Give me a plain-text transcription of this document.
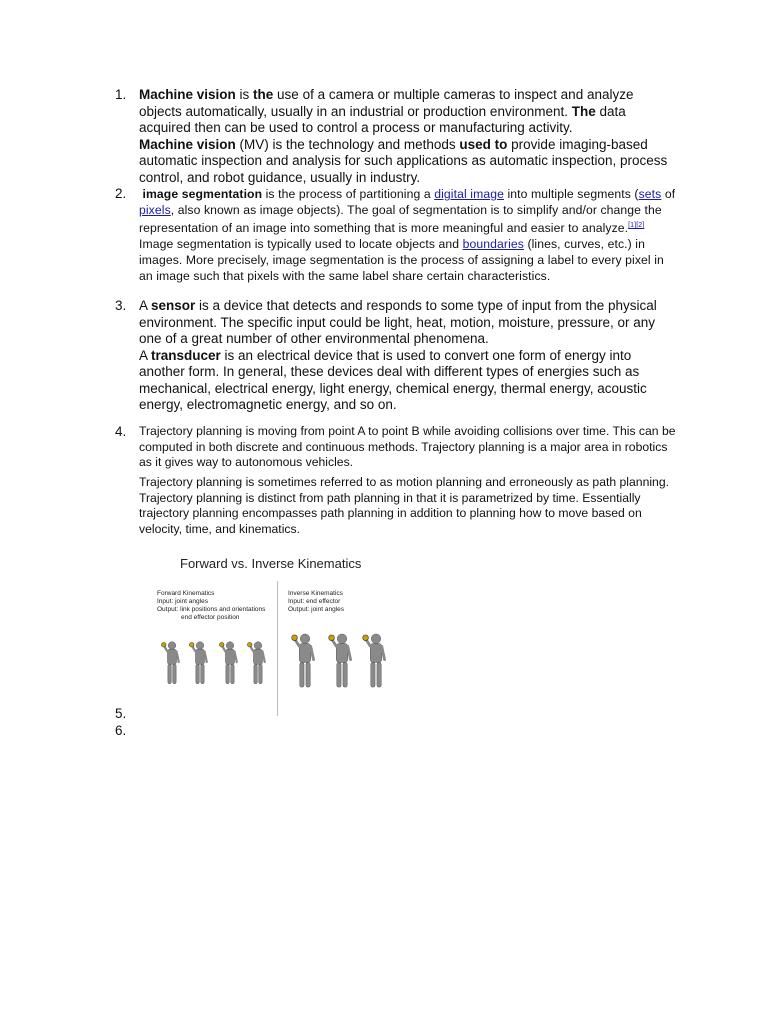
1. Machine vision is the use of a camera or multiple cameras to inspect and analyze objects automatically, usually in an industrial or production environment. The data acquired then can be used to control a process or manufacturing activity.
Machine vision (MV) is the technology and methods used to provide imaging-based automatic inspection and analysis for such applications as automatic inspection, process control, and robot guidance, usually in industry.
2. image segmentation is the process of partitioning a digital image into multiple segments (sets of pixels, also known as image objects). The goal of segmentation is to simplify and/or change the representation of an image into something that is more meaningful and easier to analyze.[1][2] Image segmentation is typically used to locate objects and boundaries (lines, curves, etc.) in images. More precisely, image segmentation is the process of assigning a label to every pixel in an image such that pixels with the same label share certain characteristics.
3. A sensor is a device that detects and responds to some type of input from the physical environment. The specific input could be light, heat, motion, moisture, pressure, or any one of a great number of other environmental phenomena.
A transducer is an electrical device that is used to convert one form of energy into another form. In general, these devices deal with different types of energies such as mechanical, electrical energy, light energy, chemical energy, thermal energy, acoustic energy, electromagnetic energy, and so on.
4. Trajectory planning is moving from point A to point B while avoiding collisions over time. This can be computed in both discrete and continuous methods. Trajectory planning is a major area in robotics as it gives way to autonomous vehicles.
Trajectory planning is sometimes referred to as motion planning and erroneously as path planning. Trajectory planning is distinct from path planning in that it is parametrized by time. Essentially trajectory planning encompasses path planning in addition to planning how to move based on velocity, time, and kinematics.
Forward vs. Inverse Kinematics
Forward Kinematics
Input: joint angles
Output: link positions and orientations
end effector position
Inverse Kinematics
Input: end effector
Output: joint angles
5.
6.
